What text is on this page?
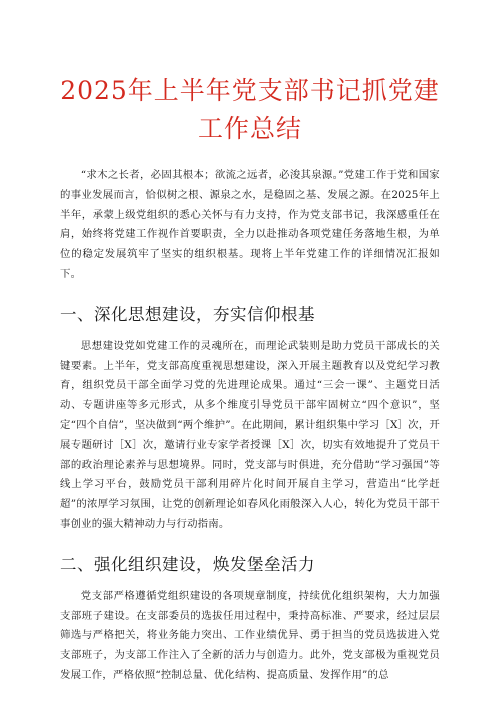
2025年上半年党支部书记抓党建
工作总结

“求木之长者，必固其根本；欲流之远者，必浚其泉源。”党建工作于党和国家的事业发展而言，恰似树之根、源泉之水，是稳固之基、发展之源。在2025年上半年，承蒙上级党组织的悉心关怀与有力支持，作为党支部书记，我深感重任在肩，始终将党建工作视作首要职责，全力以赴推动各项党建任务落地生根，为单位的稳定发展筑牢了坚实的组织根基。现将上半年党建工作的详细情况汇报如下。

一、深化思想建设，夯实信仰根基

思想建设党如党建工作的灵魂所在，而理论武装则是助力党员干部成长的关键要素。上半年，党支部高度重视思想建设，深入开展主题教育以及党纪学习教育，组织党员干部全面学习党的先进理论成果。通过“三会一课”、主题党日活动、专题讲座等多元形式，从多个维度引导党员干部牢固树立“四个意识”，坚定“四个自信”，坚决做到“两个维护”。在此期间，累计组织集中学习［X］次，开展专题研讨［X］次，邀请行业专家学者授课［X］次，切实有效地提升了党员干部的政治理论素养与思想境界。同时，党支部与时俱进，充分借助“学习强国”等线上学习平台，鼓励党员干部利用碎片化时间开展自主学习，营造出“比学赶超”的浓厚学习氛围，让党的创新理论如春风化雨般深入人心，转化为党员干部干事创业的强大精神动力与行动指南。

二、强化组织建设，焕发堡垒活力

党支部严格遵循党组织建设的各项规章制度，持续优化组织架构，大力加强支部班子建设。在支部委员的选拔任用过程中，秉持高标准、严要求，经过层层筛选与严格把关，将业务能力突出、工作业绩优异、勇于担当的党员选拔进入党支部班子，为支部工作注入了全新的活力与创造力。此外，党支部极为重视党员发展工作，严格依照“控制总量、优化结构、提高质量、发挥作用”的总
